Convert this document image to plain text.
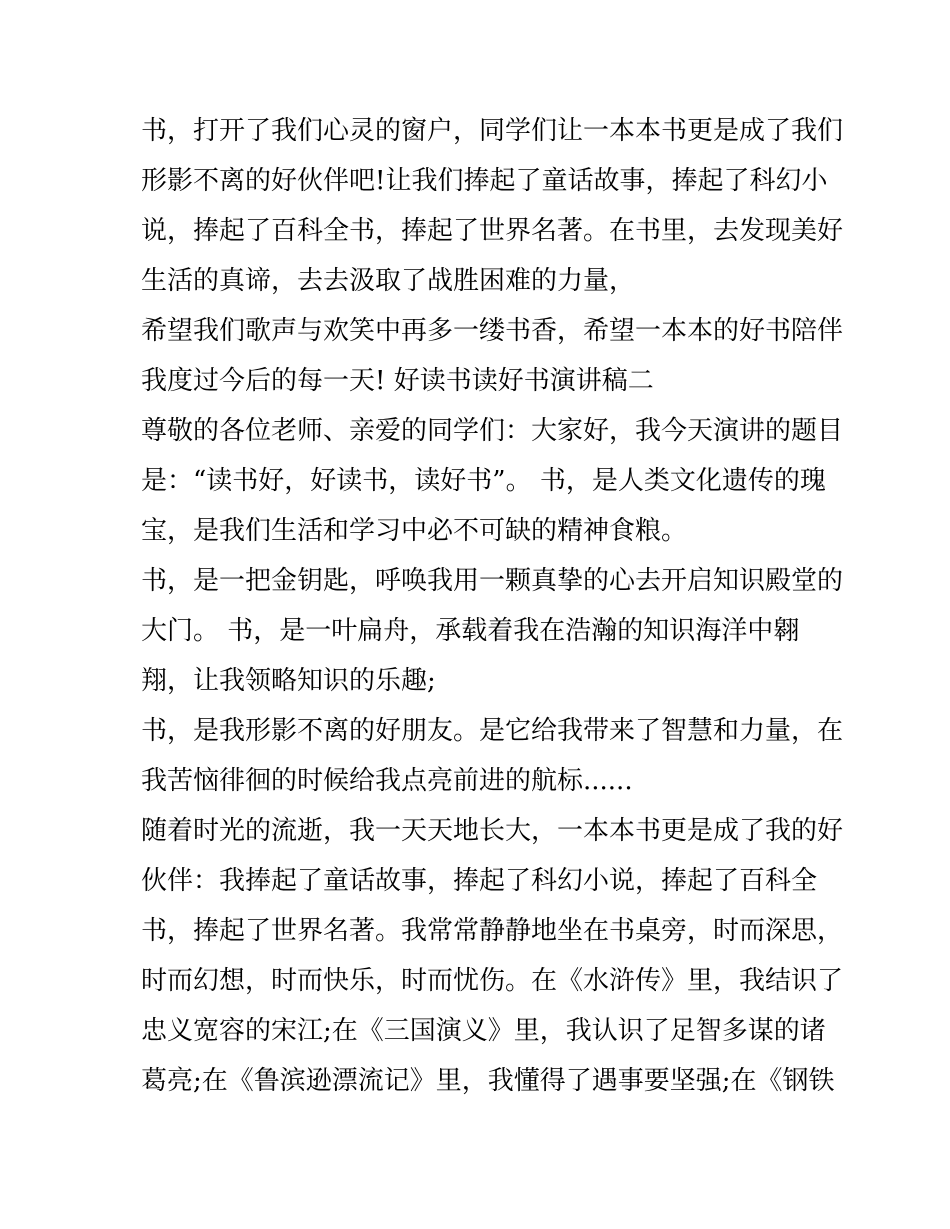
书，打开了我们心灵的窗户，同学们让一本本书更是成了我们

形影不离的好伙伴吧!让我们捧起了童话故事，捧起了科幻小

说，捧起了百科全书，捧起了世界名著。在书里，去发现美好

生活的真谛，去去汲取了战胜困难的力量，

希望我们歌声与欢笑中再多一缕书香，希望一本本的好书陪伴

我度过今后的每一天! 好读书读好书演讲稿二

尊敬的各位老师、亲爱的同学们：大家好，我今天演讲的题目

是：“读书好，好读书，读好书”。 书，是人类文化遗传的瑰

宝，是我们生活和学习中必不可缺的精神食粮。

书，是一把金钥匙，呼唤我用一颗真挚的心去开启知识殿堂的

大门。 书，是一叶扁舟，承载着我在浩瀚的知识海洋中翱

翔，让我领略知识的乐趣;

书，是我形影不离的好朋友。是它给我带来了智慧和力量，在

我苦恼徘徊的时候给我点亮前进的航标......

随着时光的流逝，我一天天地长大，一本本书更是成了我的好

伙伴：我捧起了童话故事，捧起了科幻小说，捧起了百科全

书，捧起了世界名著。我常常静静地坐在书桌旁，时而深思，

时而幻想，时而快乐，时而忧伤。在《水浒传》里，我结识了

忠义宽容的宋江;在《三国演义》里，我认识了足智多谋的诸

葛亮;在《鲁滨逊漂流记》里，我懂得了遇事要坚强;在《钢铁
